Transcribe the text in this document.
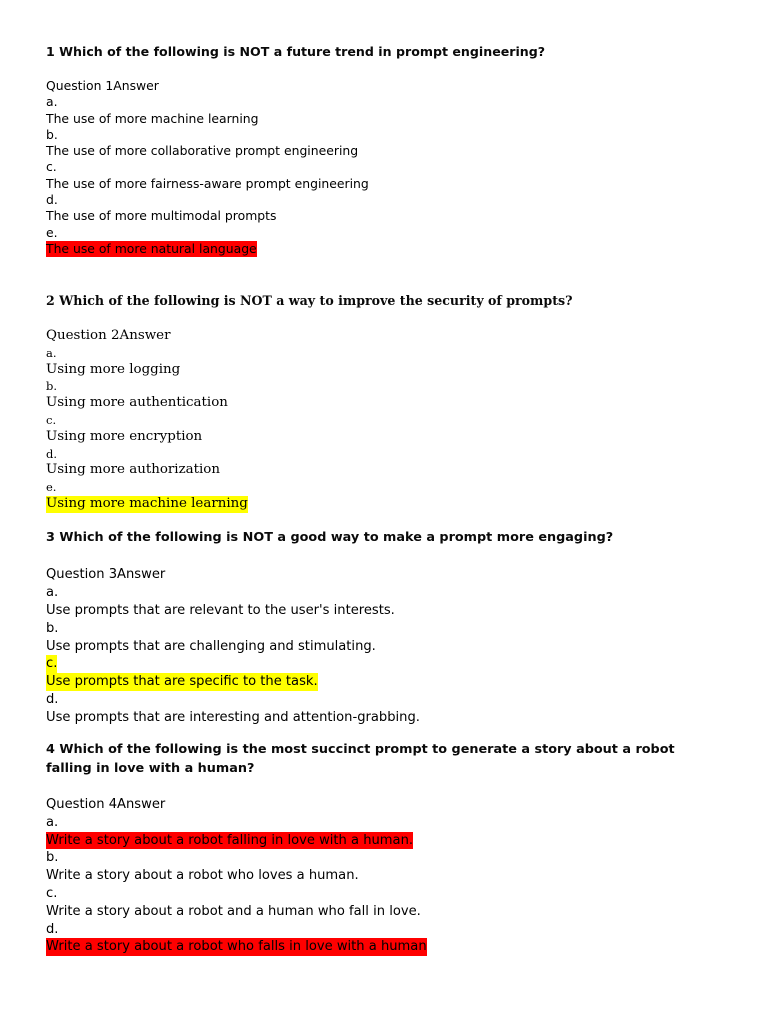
1 Which of the following is NOT a future trend in prompt engineering?

Question 1Answer
a.
The use of more machine learning
b.
The use of more collaborative prompt engineering
c.
The use of more fairness-aware prompt engineering
d.
The use of more multimodal prompts
e.
The use of more natural language

2 Which of the following is NOT a way to improve the security of prompts?

Question 2Answer
a.
Using more logging
b.
Using more authentication
c.
Using more encryption
d.
Using more authorization
e.
Using more machine learning

3 Which of the following is NOT a good way to make a prompt more engaging?

Question 3Answer
a.
Use prompts that are relevant to the user's interests.
b.
Use prompts that are challenging and stimulating.
c.
Use prompts that are specific to the task.
d.
Use prompts that are interesting and attention-grabbing.

4 Which of the following is the most succinct prompt to generate a story about a robot falling in love with a human?

Question 4Answer
a.
Write a story about a robot falling in love with a human.
b.
Write a story about a robot who loves a human.
c.
Write a story about a robot and a human who fall in love.
d.
Write a story about a robot who falls in love with a human
